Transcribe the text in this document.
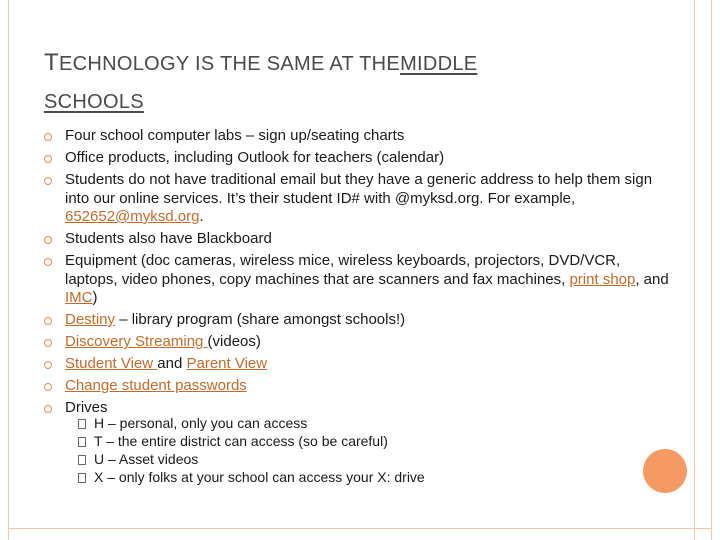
TECHNOLOGY IS THE SAME AT THEMIDDLE
SCHOOLS
Four school computer labs – sign up/seating charts
Office products, including Outlook for teachers (calendar)
Students do not have traditional email but they have a generic address to help them sign into our online services. It’s their student ID# with @myksd.org. For example, 652652@myksd.org.
Students also have Blackboard
Equipment (doc cameras, wireless mice, wireless keyboards, projectors, DVD/VCR, laptops, video phones, copy machines that are scanners and fax machines, print shop, and IMC)
Destiny – library program (share amongst schools!)
Discovery Streaming (videos)
Student View and Parent View
Change student passwords
Drives
H – personal, only you can access
T – the entire district can access (so be careful)
U – Asset videos
X – only folks at your school can access your X: drive
